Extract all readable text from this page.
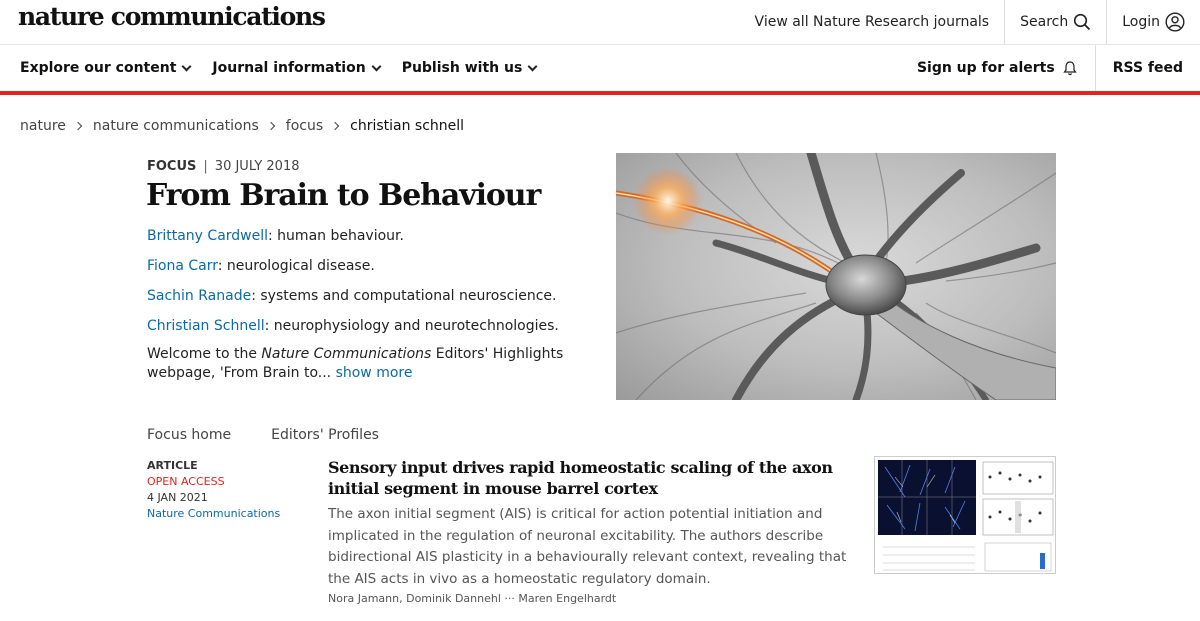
nature communications	View all Nature Research journals Search	Login
Explore our content	Journal information	Publish with us	Sign up for alerts	RSS feed
nature nature communications focus christian schnell
FOCUS | 30 JULY 2018
From Brain to Behaviour
Brittany Cardwell: human behaviour.
Fiona Carr: neurological disease.
Sachin Ranade: systems and computational neuroscience.
Christian Schnell: neurophysiology and neurotechnologies.

Welcome to the Nature Communications Editors' Highlights webpage, 'From Brain to... show more

Focus home	Editors' Profiles
ARTICLE
OPEN ACCESS
4 JAN 2021
Nature Communications
Sensory input drives rapid homeostatic scaling of the axon initial segment in mouse barrel cortex
The axon initial segment (AIS) is critical for action potential initiation and implicated in the regulation of neuronal excitability. The authors describe bidirectional AIS plasticity in a behaviourally relevant context, revealing that the AIS acts in vivo as a homeostatic regulatory domain.
Nora Jamann, Dominik Dannehl ··· Maren Engelhardt
